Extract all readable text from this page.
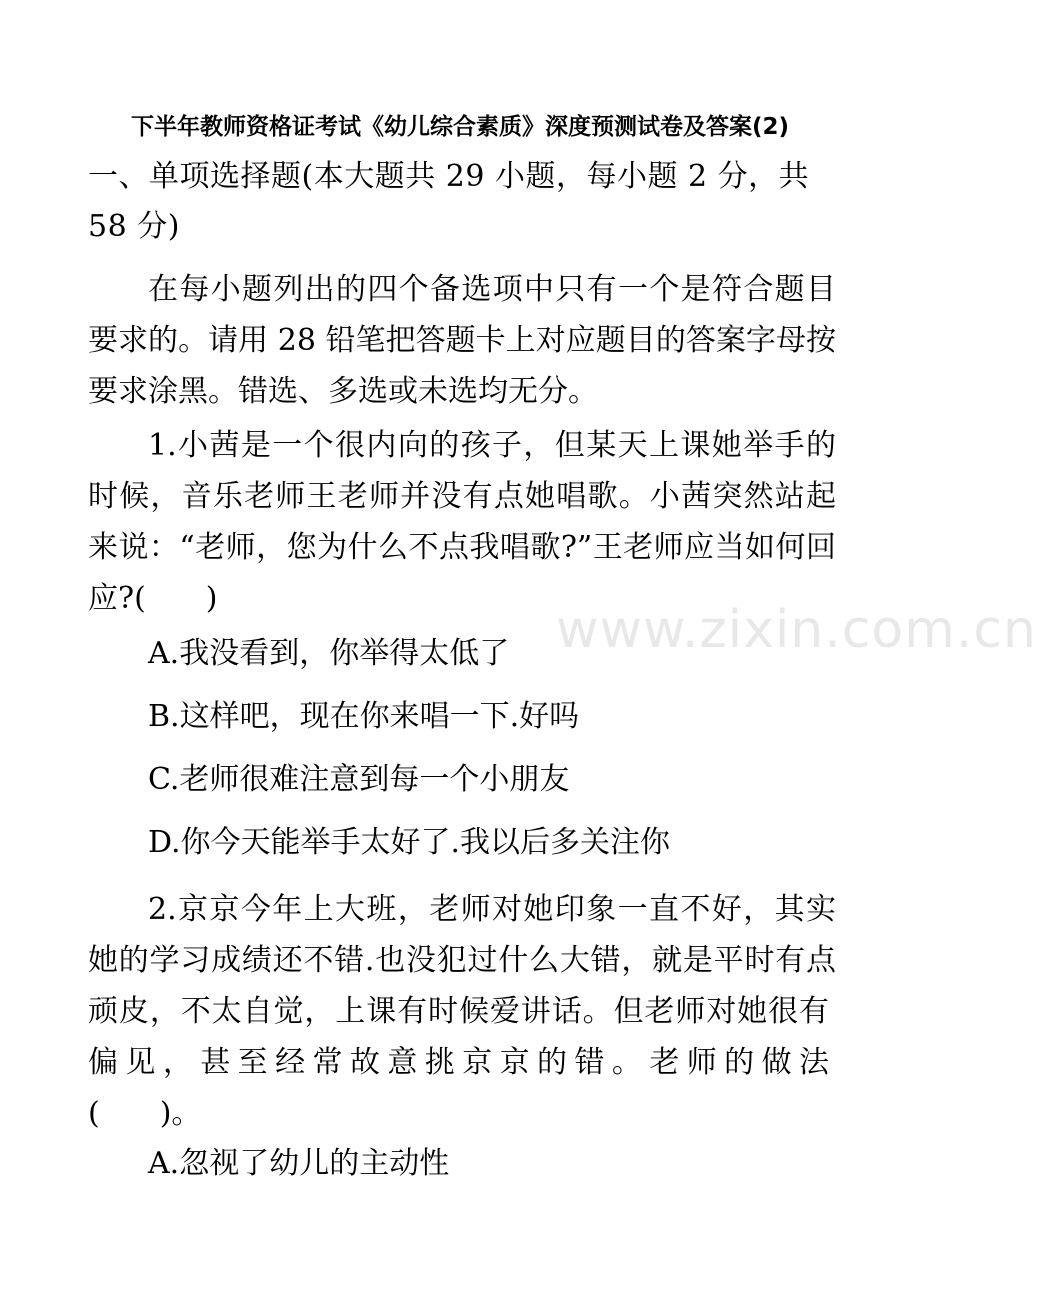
下半年教师资格证考试《幼儿综合素质》深度预测试卷及答案(2)
一、单项选择题(本大题共 29 小题，每小题 2 分，共 58 分)
在每小题列出的四个备选项中只有一个是符合题目要求的。请用 28 铅笔把答题卡上对应题目的答案字母按要求涂黑。错选、多选或未选均无分。
1.小茜是一个很内向的孩子，但某天上课她举手的时候，音乐老师王老师并没有点她唱歌。小茜突然站起来说：“老师，您为什么不点我唱歌?”王老师应当如何回应?(　　)
A.我没看到，你举得太低了
B.这样吧，现在你来唱一下.好吗
C.老师很难注意到每一个小朋友
D.你今天能举手太好了.我以后多关注你
2.京京今年上大班，老师对她印象一直不好，其实她的学习成绩还不错.也没犯过什么大错，就是平时有点顽皮，不太自觉，上课有时候爱讲话。但老师对她很有偏见，甚至经常故意挑京京的错。老师的做法(　　)。
A.忽视了幼儿的主动性
www.zixin.com.cn
